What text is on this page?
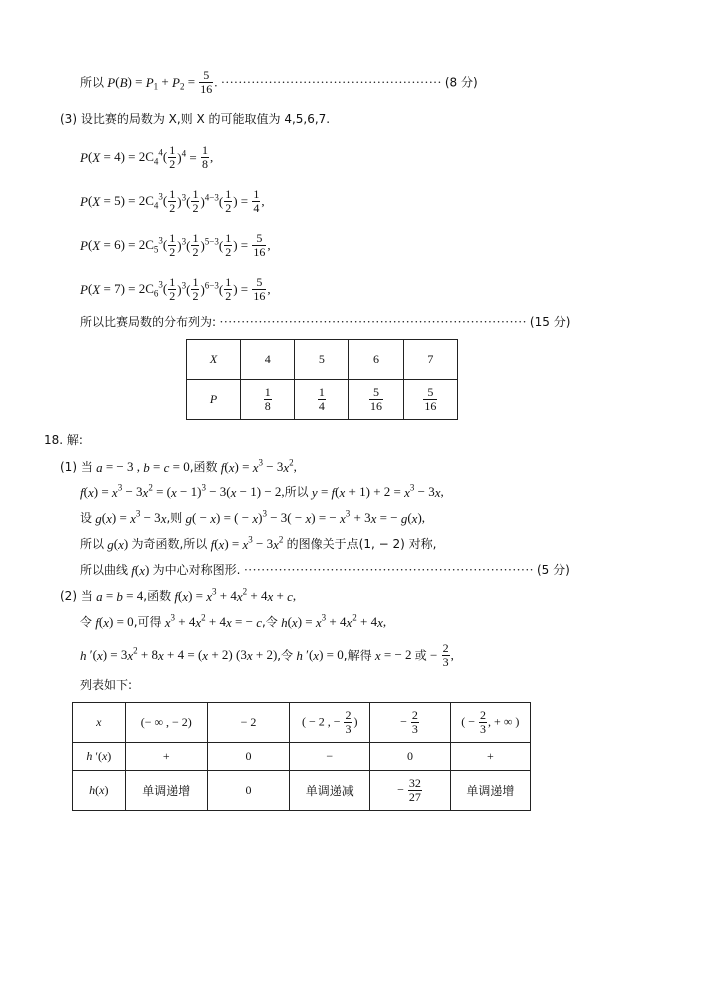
所以 $P(B) = P_1 + P_2 = \frac{5}{16}$ . ··················································· (8 分)
(3) 设比赛的局数为 X,则 X 的可能取值为 4,5,6,7.
$P(X = 4) = 2C_4^4( \frac{1}{2} )^4 = \frac{1}{8}$ ,
$P(X = 5) = 2C_4^3( \frac{1}{2} )^3( \frac{1}{2} )^{4-3}( \frac{1}{2}$ ) = $\frac{1}{4}$ ,
$P(X = 6) = 2C_5^3( \frac{1}{2} )^3( \frac{1}{2} )^{5-3}( \frac{1}{2}$ ) = $\frac{5}{16}$ ,
$P(X = 7) = 2C_6^3( \frac{1}{2} )^3( \frac{1}{2} )^{6-3}( \frac{1}{2}$ ) = $\frac{5}{16}$ ,
所以比赛局数的分布列为: ······································································· (15 分)
X	4	5	6	7
P	$\frac{1}{8}$	$\frac{1}{4}$	$\frac{5}{16}$	$\frac{5}{16}$
18. 解:
(1) 当 a = − 3 , b = c = 0,函数 $f(x) = x^3 - 3x^2$,
$f(x) = x^3 - 3x^2 = (x - 1)^3 - 3(x - 1) - 2$,所以 $y = f(x + 1) + 2 = x^3 - 3x$,
设 $g(x) = x^3 - 3x$,则 g( − x) = ( − x)$^3$ − 3( − x) = − $x^3 + 3x$ = − g(x),
所以 g(x) 为奇函数,所以 $f(x) = x^3 - 3x^2$ 的图像关于点(1, − 2) 对称,
所以曲线 f(x) 为中心对称图形. ··································································· (5 分)
(2) 当 a = b = 4,函数 $f(x) = x^3 + 4x^2 + 4x + c$,
令 f(x) = 0,可得 $x^3 + 4x^2 + 4x$ = − c,令 $h(x) = x^3 + 4x^2 + 4x$,
h $'(x) = 3x^2 + 8x + 4 = (x + 2) (3x + 2)$,令 h ′(x) = 0,解得 x = − 2 或 − $\frac{2}{3}$ ,
列表如下:
x	(− ∞ , − 2)	− 2	( − 2 , − $\frac{2}{3}$ )	− $\frac{2}{3}$	( − $\frac{2}{3}$ , + ∞ )
h ′(x)	+	0	−	0	+
h(x)	单调递增	0	单调递减	− $\frac{32}{27}$	单调递增
